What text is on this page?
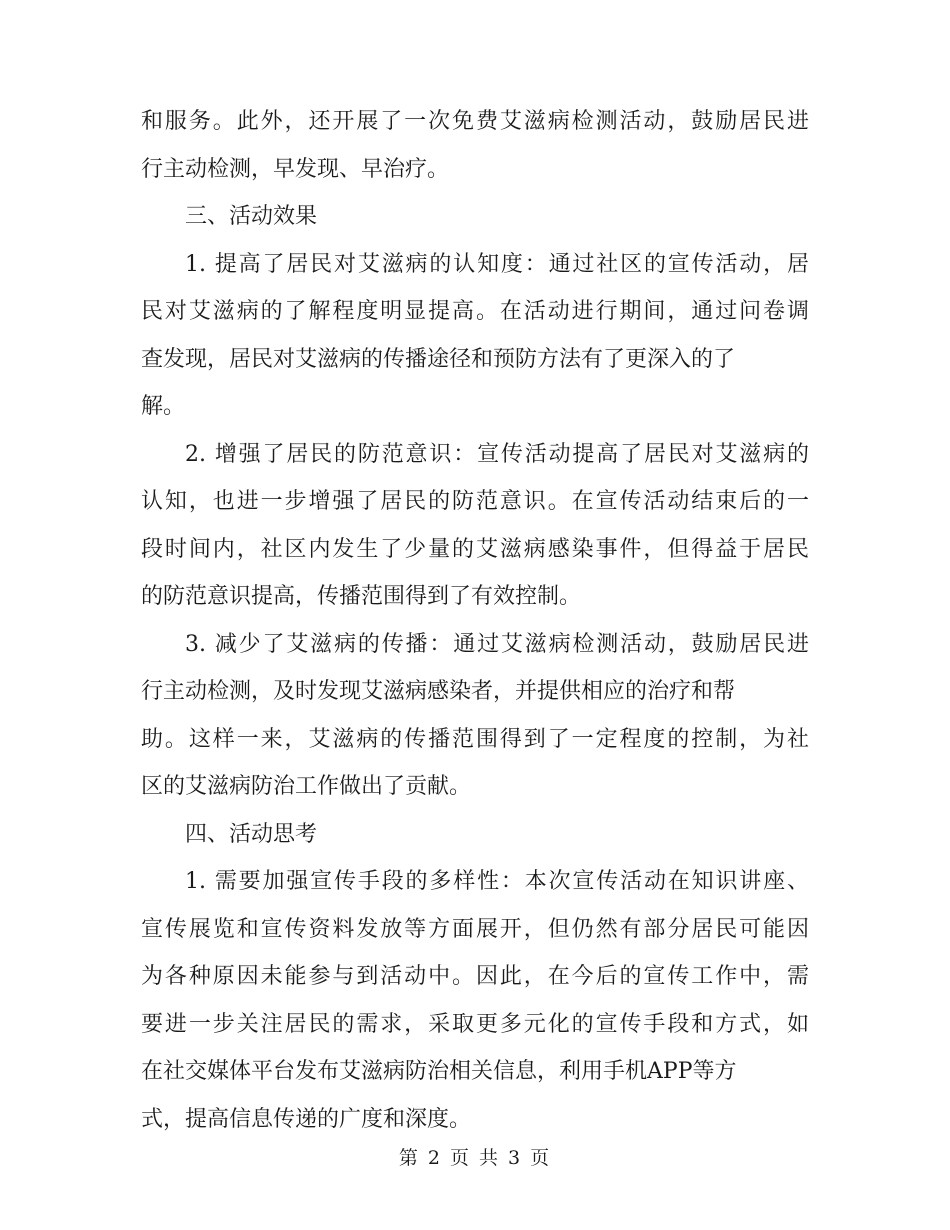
和服务。此外，还开展了一次免费艾滋病检测活动，鼓励居民进
行主动检测，早发现、早治疗。
三、活动效果
1. 提高了居民对艾滋病的认知度：通过社区的宣传活动，居
民对艾滋病的了解程度明显提高。在活动进行期间，通过问卷调
查发现，居民对艾滋病的传播途径和预防方法有了更深入的了
解。
2. 增强了居民的防范意识：宣传活动提高了居民对艾滋病的
认知，也进一步增强了居民的防范意识。在宣传活动结束后的一
段时间内，社区内发生了少量的艾滋病感染事件，但得益于居民
的防范意识提高，传播范围得到了有效控制。
3. 减少了艾滋病的传播：通过艾滋病检测活动，鼓励居民进
行主动检测，及时发现艾滋病感染者，并提供相应的治疗和帮
助。这样一来，艾滋病的传播范围得到了一定程度的控制，为社
区的艾滋病防治工作做出了贡献。
四、活动思考
1. 需要加强宣传手段的多样性：本次宣传活动在知识讲座、
宣传展览和宣传资料发放等方面展开，但仍然有部分居民可能因
为各种原因未能参与到活动中。因此，在今后的宣传工作中，需
要进一步关注居民的需求，采取更多元化的宣传手段和方式，如
在社交媒体平台发布艾滋病防治相关信息，利用手机APP等方
式，提高信息传递的广度和深度。
第 2 页 共 3 页
